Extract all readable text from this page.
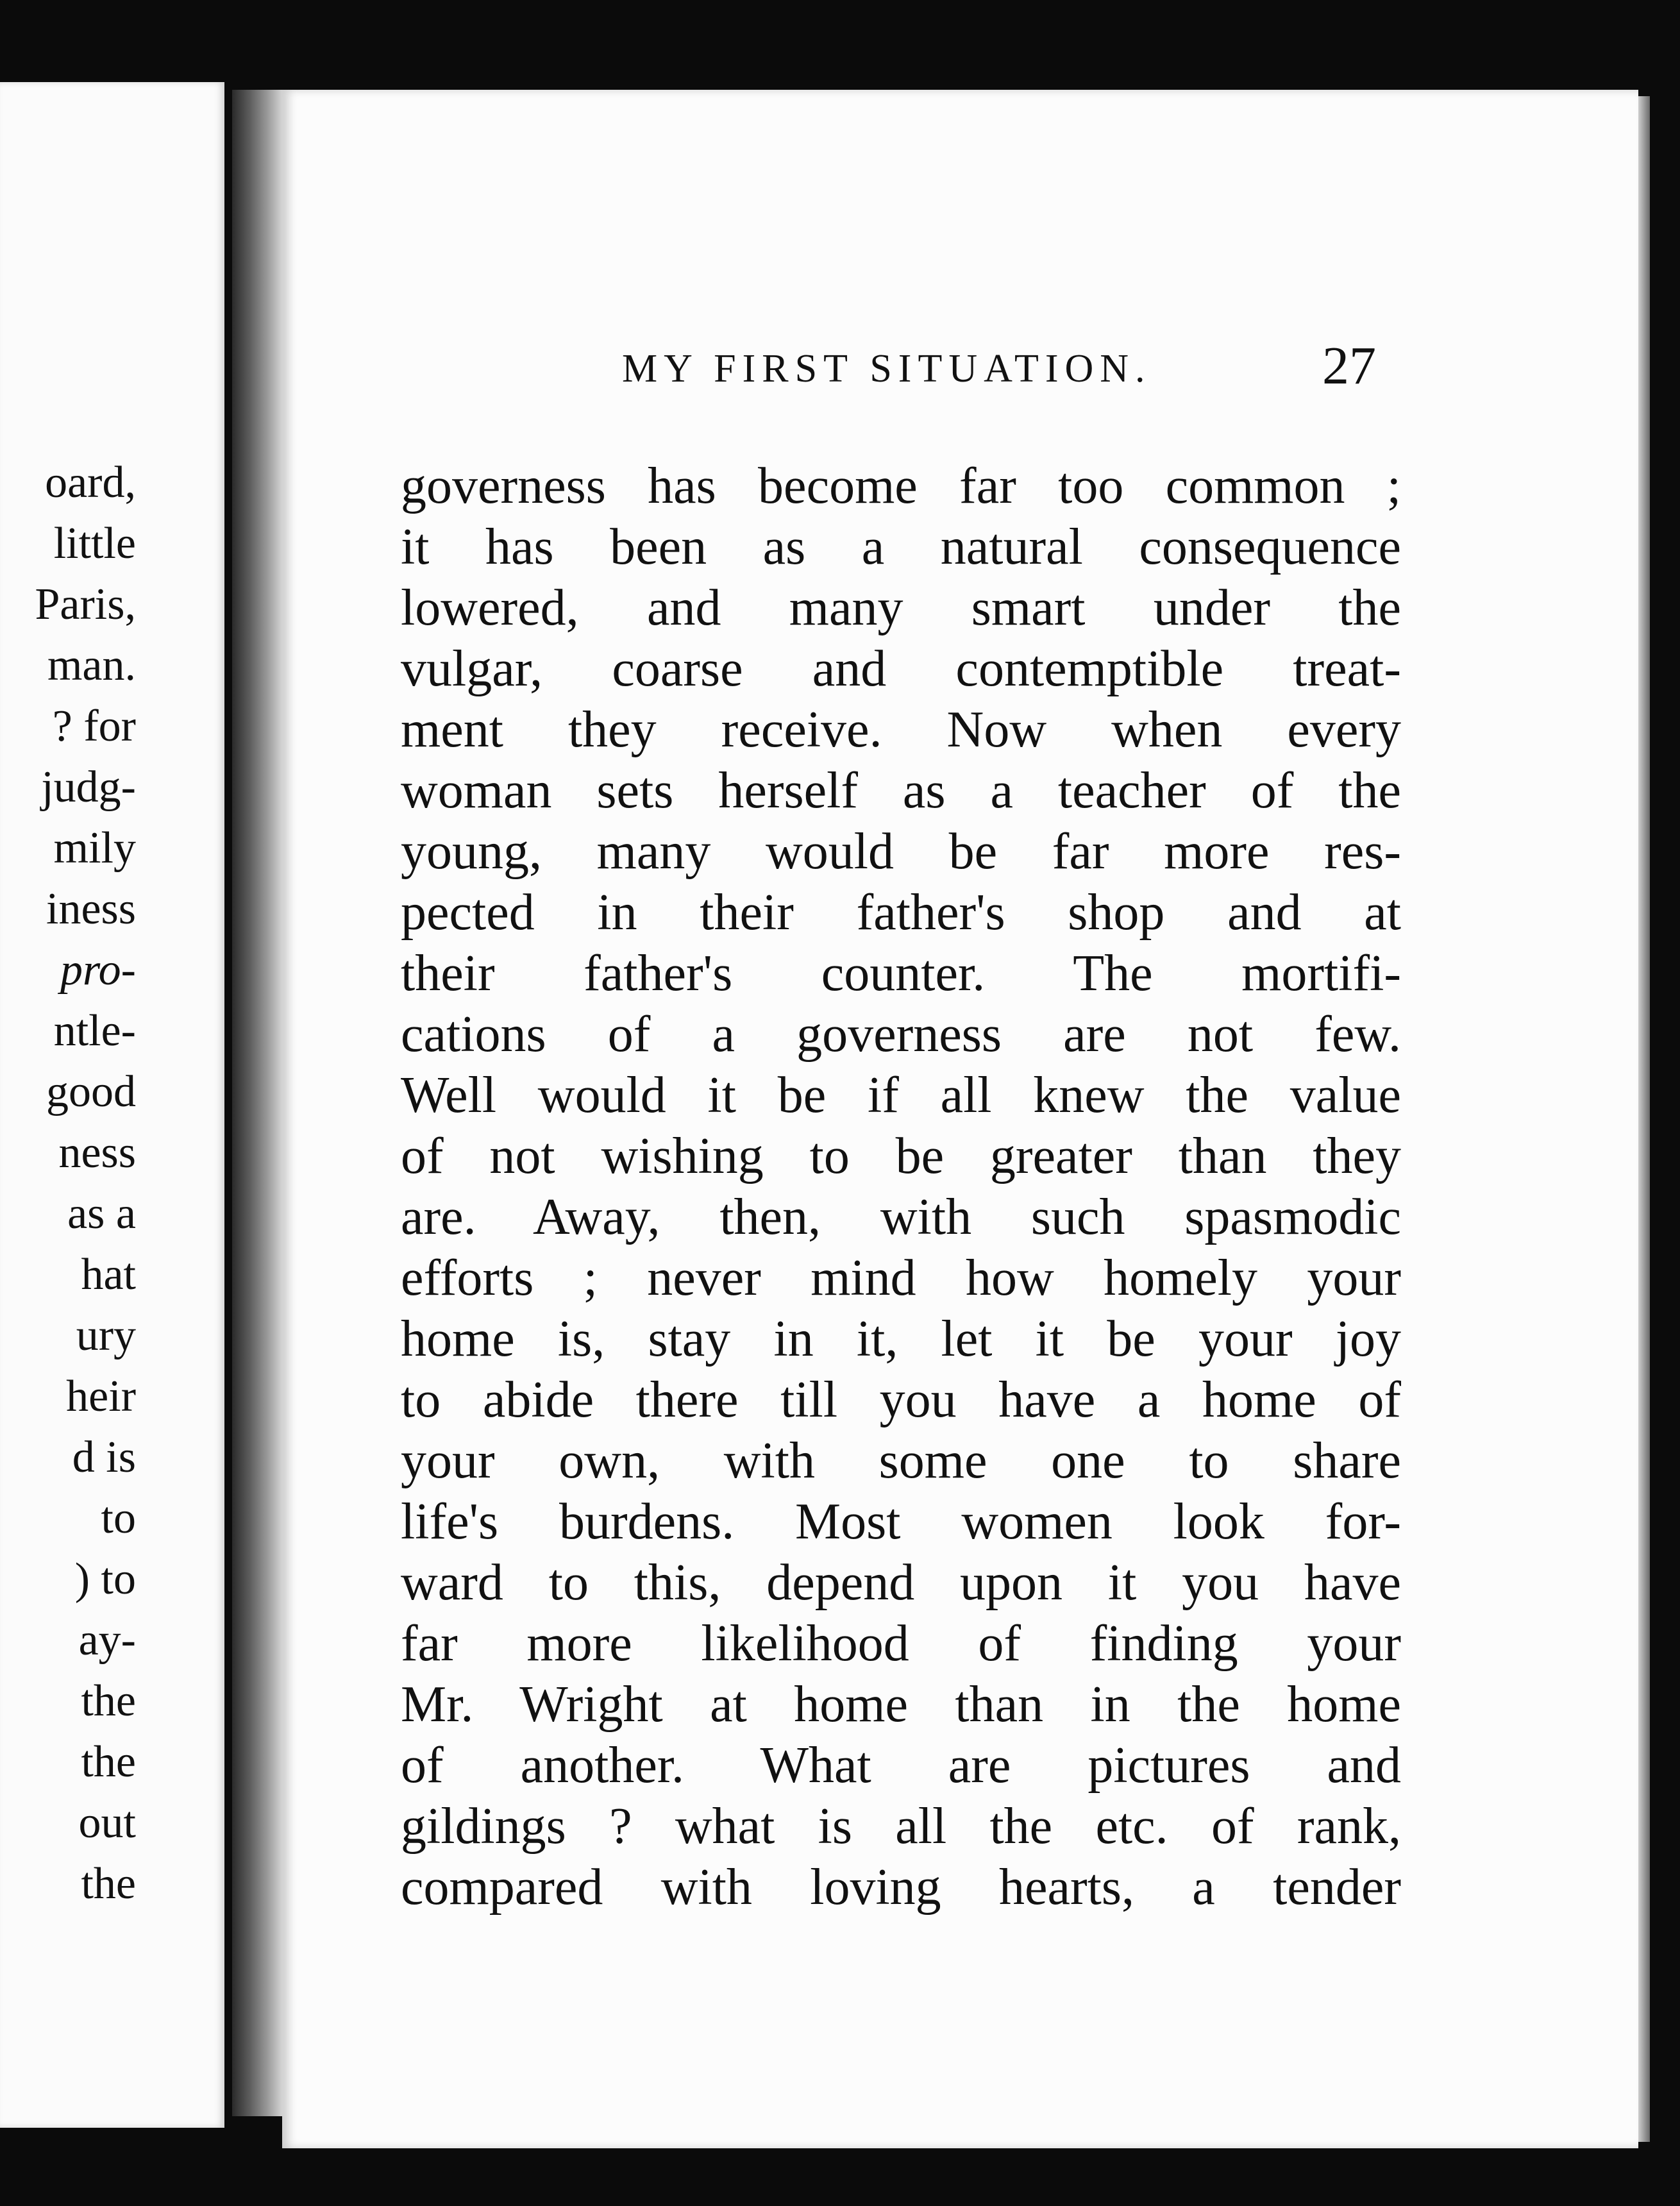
oard,
little
Paris,
man.
? for
judg-
mily
iness
pro-
ntle-
good
ness
as a
hat
ury
heir
d is
to
) to
ay-
the
the
out
the
MY FIRST SITUATION.	27
governess has become far too common ;
it has been as a natural consequence
lowered, and many smart under the
vulgar, coarse and contemptible treat-
ment they receive. Now when every
woman sets herself as a teacher of the
young, many would be far more res-
pected in their father's shop and at
their father's counter. The mortifi-
cations of a governess are not few.
Well would it be if all knew the value
of not wishing to be greater than they
are. Away, then, with such spasmodic
efforts ; never mind how homely your
home is, stay in it, let it be your joy
to abide there till you have a home of
your own, with some one to share
life's burdens. Most women look for-
ward to this, depend upon it you have
far more likelihood of finding your
Mr. Wright at home than in the home
of another. What are pictures and
gildings ? what is all the etc. of rank,
compared with loving hearts, a tender
